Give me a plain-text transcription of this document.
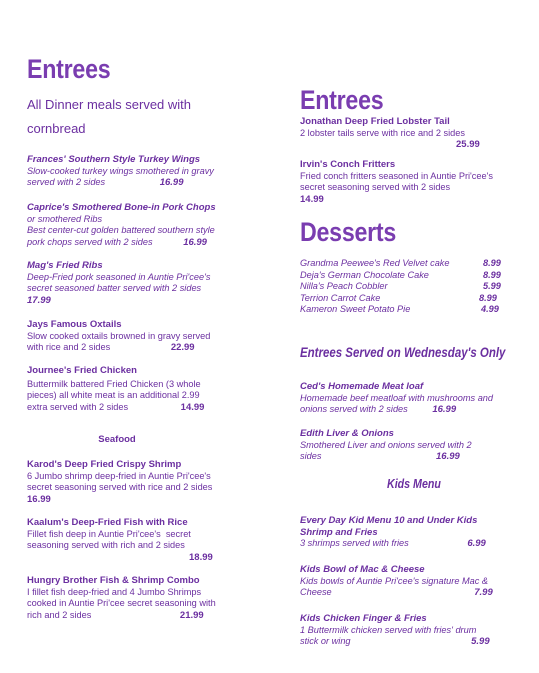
Entrees
All Dinner meals served with cornbread
Frances' Southern Style Turkey Wings
Slow-cooked turkey wings smothered in gravy
served with 2 sides	16.99
Caprice's Smothered Bone-in Pork Chops
or smothered Ribs
Best center-cut golden battered southern style
pork chops served with 2 sides	16.99
Mag's Fried Ribs
Deep-Fried pork seasoned in Auntie Pri'cee's
secret seasoned batter served with 2 sides
17.99
Jays Famous Oxtails
Slow cooked oxtails browned in gravy served
with rice and 2 sides	22.99
Journee's Fried Chicken
Buttermilk battered Fried Chicken (3 whole
pieces) all white meat is an additional 2.99
extra served with 2 sides	14.99
Seafood
Karod's Deep Fried Crispy Shrimp
6 Jumbo shrimp deep-fried in Auntie Pri'cee's
secret seasoning served with rice and 2 sides
16.99
Kaalum's Deep-Fried Fish with Rice
Fillet fish deep in Auntie Pri'cee's  secret
seasoning served with rich and 2 sides
18.99
Hungry Brother Fish & Shrimp Combo
I fillet fish deep-fried and 4 Jumbo Shrimps
cooked in Auntie Pri'cee secret seasoning with
rich and 2 sides	21.99
Entrees
Jonathan Deep Fried Lobster Tail
2 lobster tails serve with rice and 2 sides
25.99
Irvin's Conch Fritters
Fried conch fritters seasoned in Auntie Pri'cee's
secret seasoning served with 2 sides
14.99
Desserts
Grandma Peewee's Red Velvet cake	8.99
Deja's German Chocolate Cake	8.99
Nilla's Peach Cobbler	5.99
Terrion Carrot Cake	8.99
Kameron Sweet Potato Pie	4.99
Entrees Served on Wednesday's Only
Ced's Homemade Meat loaf
Homemade beef meatloaf with mushrooms and
onions served with 2 sides	16.99
Edith Liver & Onions
Smothered Liver and onions served with 2
sides	16.99
Kids Menu
Every Day Kid Menu 10 and Under Kids Shrimp and Fries
3 shrimps served with fries	6.99
Kids Bowl of Mac & Cheese
Kids bowls of Auntie Pri'cee's signature Mac &
Cheese	7.99
Kids Chicken Finger & Fries
1 Buttermilk chicken served with fries' drum
stick or wing	5.99
